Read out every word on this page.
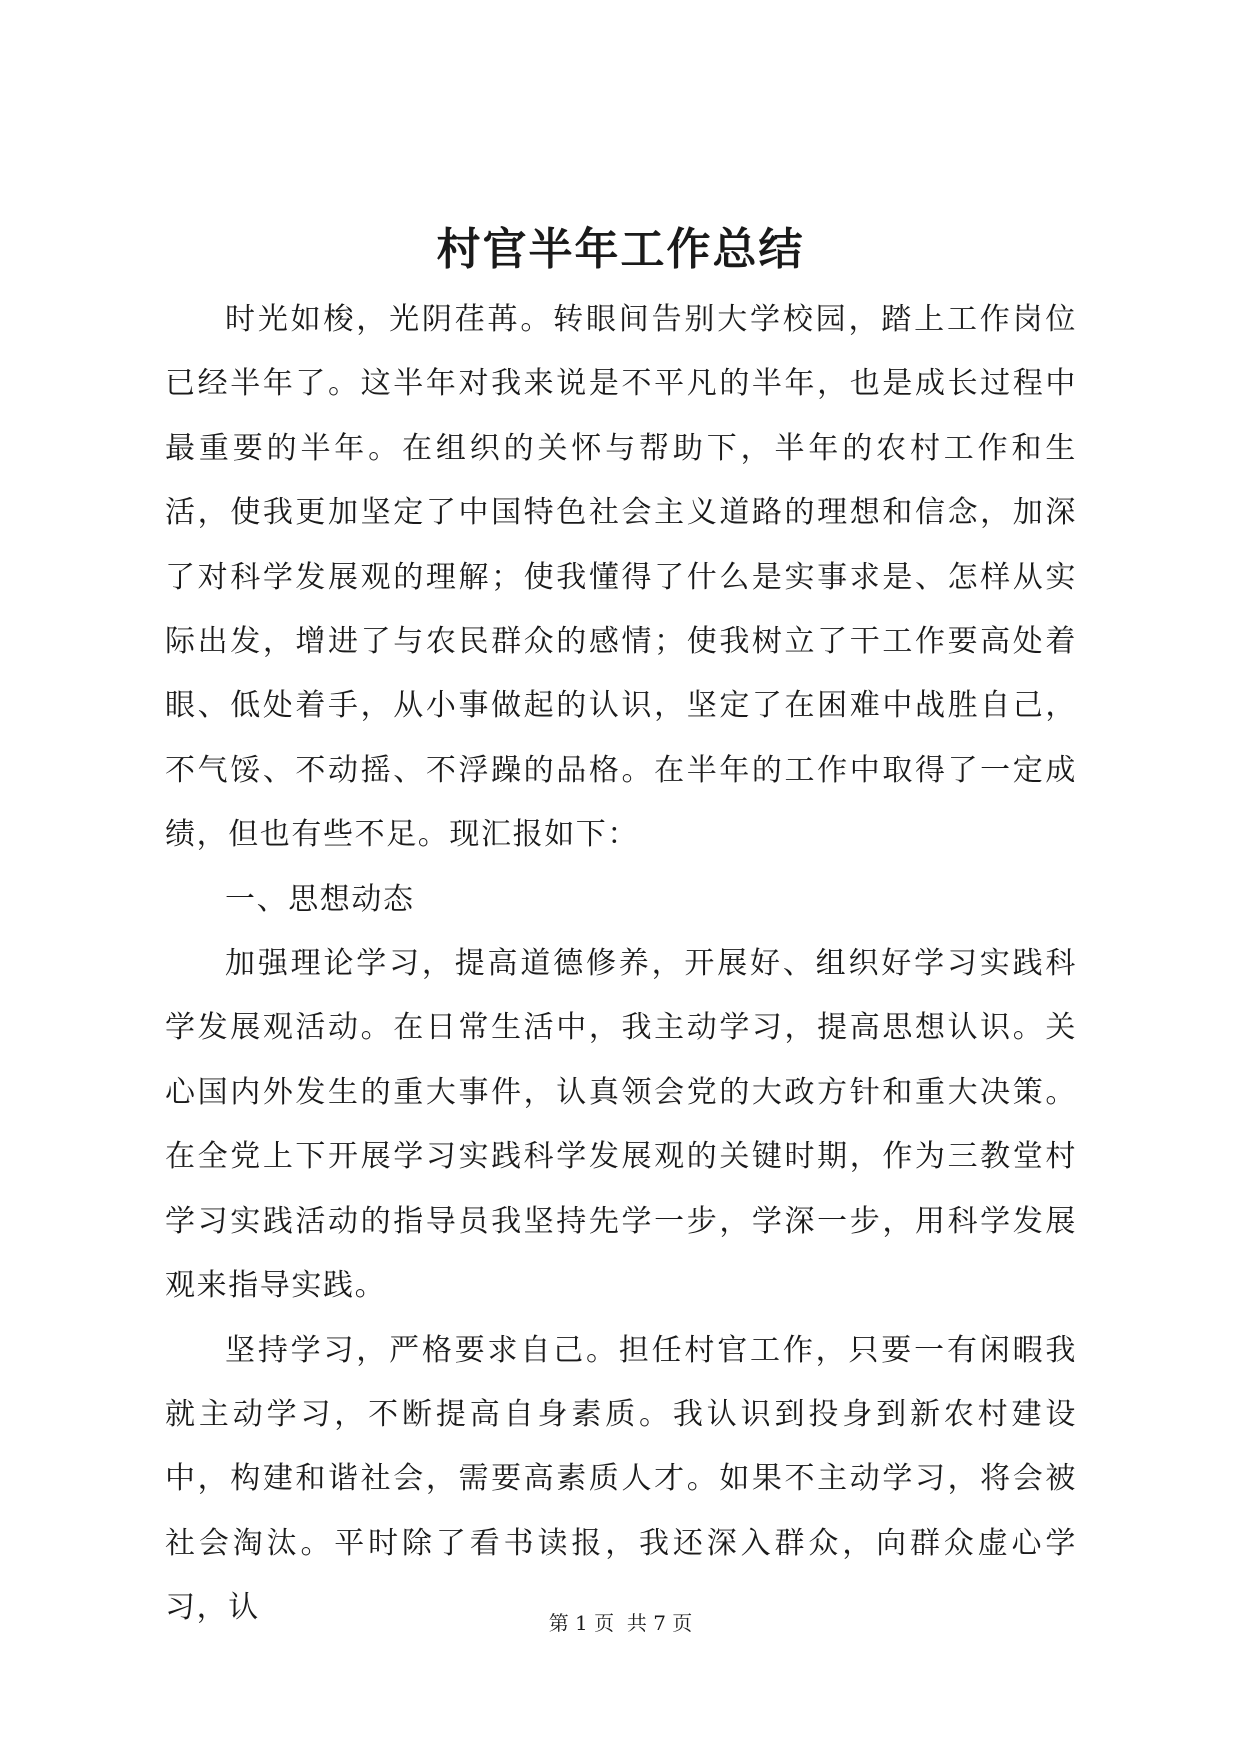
村官半年工作总结

时光如梭，光阴荏苒。转眼间告别大学校园，踏上工作岗位已经半年了。这半年对我来说是不平凡的半年，也是成长过程中最重要的半年。在组织的关怀与帮助下，半年的农村工作和生活，使我更加坚定了中国特色社会主义道路的理想和信念，加深了对科学发展观的理解；使我懂得了什么是实事求是、怎样从实际出发，增进了与农民群众的感情；使我树立了干工作要高处着眼、低处着手，从小事做起的认识，坚定了在困难中战胜自己，不气馁、不动摇、不浮躁的品格。在半年的工作中取得了一定成绩，但也有些不足。现汇报如下：

一、思想动态

加强理论学习，提高道德修养，开展好、组织好学习实践科学发展观活动。在日常生活中，我主动学习，提高思想认识。关心国内外发生的重大事件，认真领会党的大政方针和重大决策。在全党上下开展学习实践科学发展观的关键时期，作为三教堂村学习实践活动的指导员我坚持先学一步，学深一步，用科学发展观来指导实践。

坚持学习，严格要求自己。担任村官工作，只要一有闲暇我就主动学习，不断提高自身素质。我认识到投身到新农村建设中，构建和谐社会，需要高素质人才。如果不主动学习，将会被社会淘汰。平时除了看书读报，我还深入群众，向群众虚心学习，认	第 1 页  共 7 页
